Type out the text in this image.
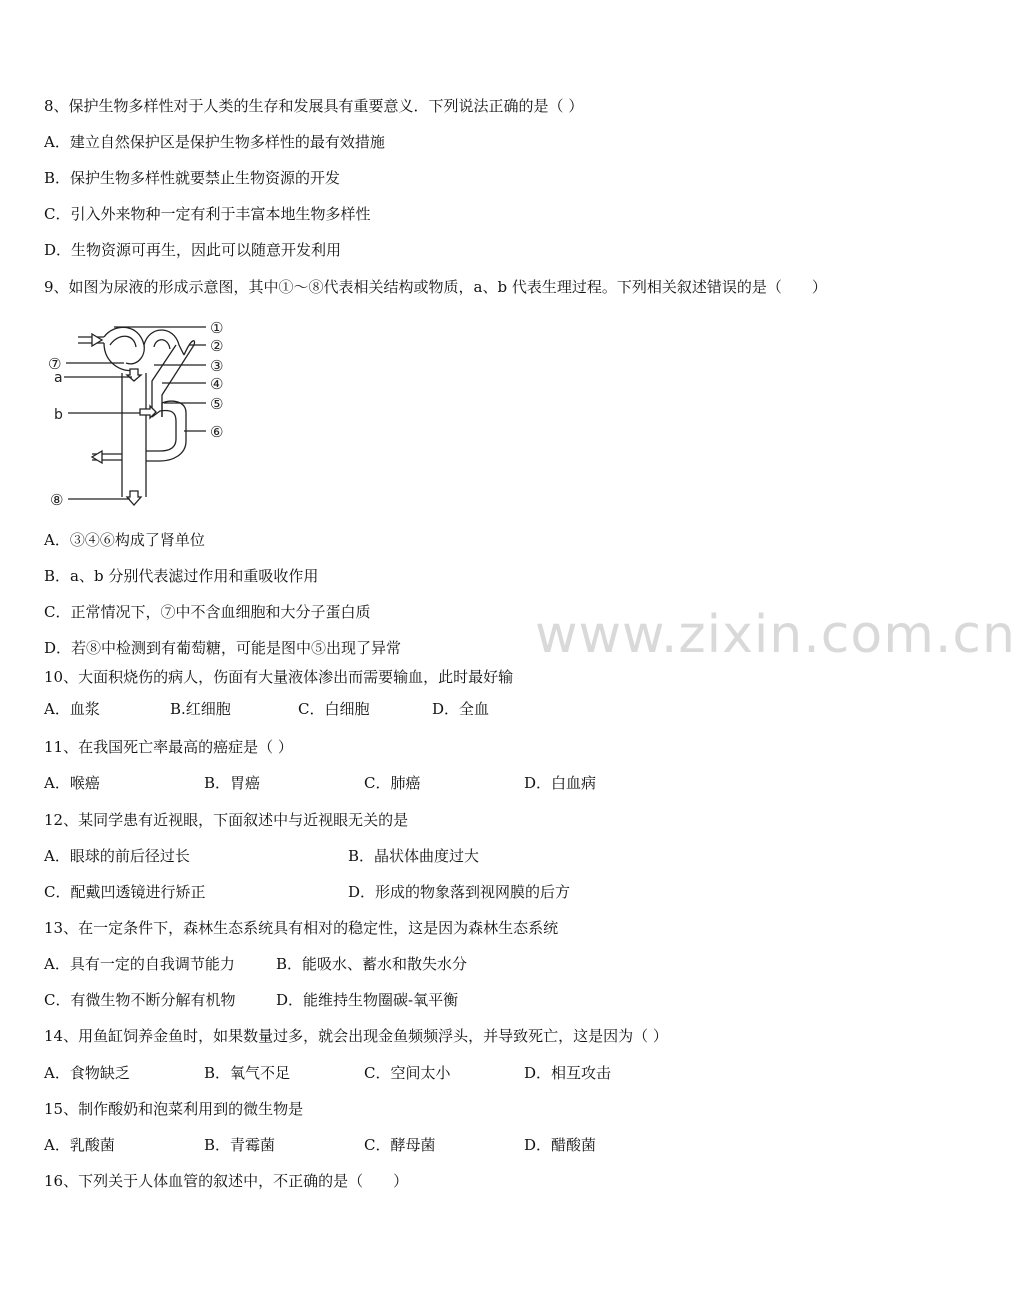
www.zixin.com.cn
8、保护生物多样性对于人类的生存和发展具有重要意义．下列说法正确的是（ ）
A．建立自然保护区是保护生物多样性的最有效措施
B．保护生物多样性就要禁止生物资源的开发
C．引入外来物种一定有利于丰富本地生物多样性
D．生物资源可再生，因此可以随意开发利用
9、如图为尿液的形成示意图，其中①～⑧代表相关结构或物质，a、b 代表生理过程。下列相关叙述错误的是（　　）
①
②
③
④
⑤
⑥
⑦
⑧
a
b
A．③④⑥构成了肾单位
B．a、b 分别代表滤过作用和重吸收作用
C．正常情况下，⑦中不含血细胞和大分子蛋白质
D．若⑧中检测到有葡萄糖，可能是图中⑤出现了异常
10、大面积烧伤的病人，伤面有大量液体渗出而需要输血，此时最好输
A．血浆	B.红细胞	C．白细胞	D．全血
11、在我国死亡率最高的癌症是（ ）
A．喉癌	B．胃癌	C．肺癌	D．白血病
12、某同学患有近视眼，下面叙述中与近视眼无关的是
A．眼球的前后径过长	B．晶状体曲度过大
C．配戴凹透镜进行矫正	D．形成的物象落到视网膜的后方
13、在一定条件下，森林生态系统具有相对的稳定性，这是因为森林生态系统
A．具有一定的自我调节能力	B．能吸水、蓄水和散失水分
C．有微生物不断分解有机物	D．能维持生物圈碳-氧平衡
14、用鱼缸饲养金鱼时，如果数量过多，就会出现金鱼频频浮头，并导致死亡，这是因为（ ）
A．食物缺乏	B．氧气不足	C．空间太小	D．相互攻击
15、制作酸奶和泡菜利用到的微生物是
A．乳酸菌	B．青霉菌	C．酵母菌	D．醋酸菌
16、下列关于人体血管的叙述中，不正确的是（　　）
